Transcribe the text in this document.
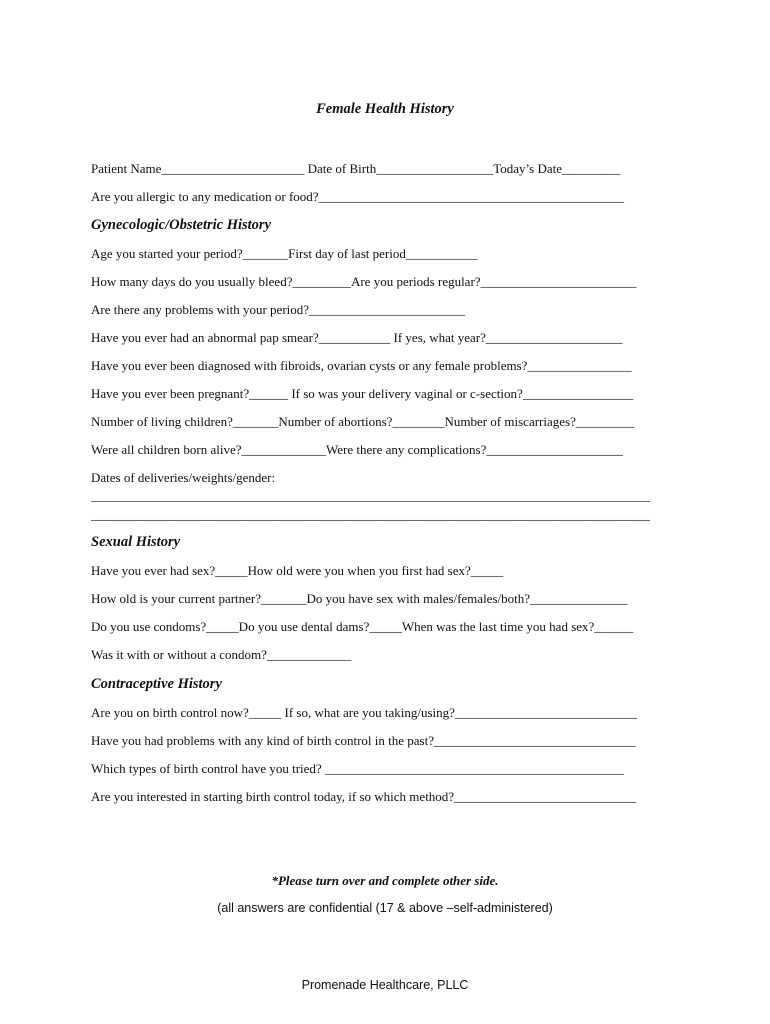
Female Health History
Patient Name______________________ Date of Birth__________________Today’s Date_________
Are you allergic to any medication or food?_______________________________________________
Gynecologic/Obstetric History
Age you started your period?_______First day of last period___________
How many days do you usually bleed?_________Are you periods regular?________________________
Are there any problems with your period?________________________
Have you ever had an abnormal pap smear?___________ If yes, what year?_____________________
Have you ever been diagnosed with fibroids, ovarian cysts or any female problems?________________
Have you ever been pregnant?______ If so was your delivery vaginal or c-section?_________________
Number of living children?_______Number of abortions?________Number of miscarriages?_________
Were all children born alive?_____________Were there any complications?_____________________
Dates of deliveries/weights/gender:
______________________________________________________________________________________
______________________________________________________________________________________
Sexual History
Have you ever had sex?_____How old were you when you first had sex?_____
How old is your current partner?_______Do you have sex with males/females/both?_______________
Do you use condoms?_____Do you use dental dams?_____When was the last time you had sex?______
Was it with or without a condom?_____________
Contraceptive History
Are you on birth control now?_____ If so, what are you taking/using?____________________________
Have you had problems with any kind of birth control in the past?_______________________________
Which types of birth control have you tried? ______________________________________________
Are you interested in starting birth control today, if so which method?____________________________
*Please turn over and complete other side.
(all answers are confidential (17 & above –self-administered)
Promenade Healthcare, PLLC
